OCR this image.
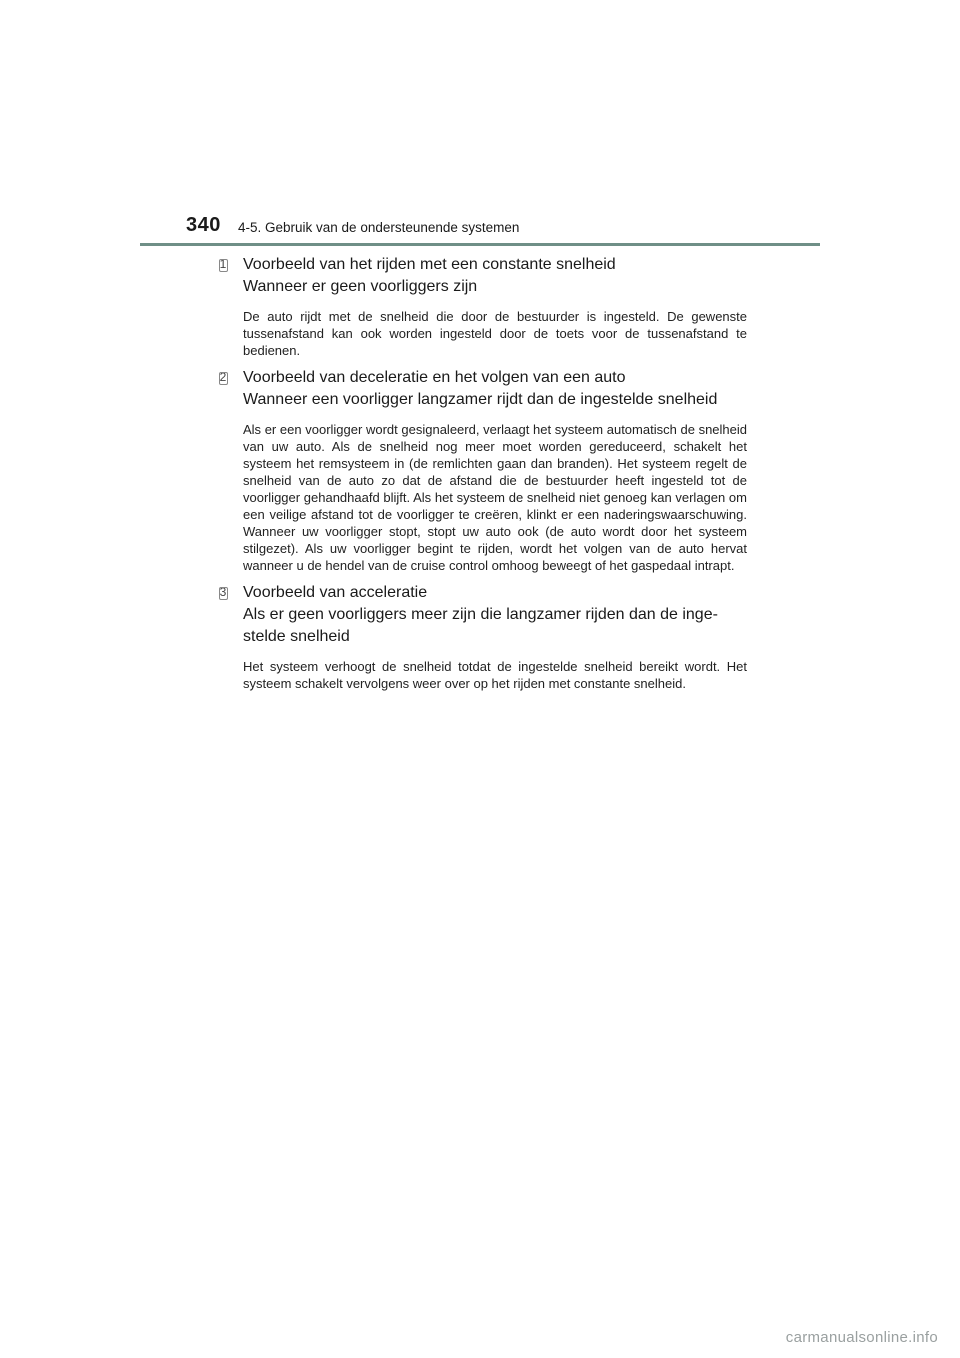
340 4-5. Gebruik van de ondersteunende systemen
1 Voorbeeld van het rijden met een constante snelheid
Wanneer er geen voorliggers zijn
De auto rijdt met de snelheid die door de bestuurder is ingesteld. De gewenste tussenafstand kan ook worden ingesteld door de toets voor de tussenafstand te bedienen.
2 Voorbeeld van deceleratie en het volgen van een auto
Wanneer een voorligger langzamer rijdt dan de ingestelde snelheid
Als er een voorligger wordt gesignaleerd, verlaagt het systeem automatisch de snelheid van uw auto. Als de snelheid nog meer moet worden gereduceerd, schakelt het systeem het remsysteem in (de remlichten gaan dan branden). Het systeem regelt de snelheid van de auto zo dat de afstand die de bestuurder heeft ingesteld tot de voorligger gehandhaafd blijft. Als het systeem de snelheid niet genoeg kan verlagen om een veilige afstand tot de voorligger te creëren, klinkt er een naderingswaarschuwing. Wanneer uw voorligger stopt, stopt uw auto ook (de auto wordt door het systeem stilgezet). Als uw voorligger begint te rijden, wordt het volgen van de auto hervat wanneer u de hendel van de cruise control omhoog beweegt of het gaspedaal intrapt.
3 Voorbeeld van acceleratie
Als er geen voorliggers meer zijn die langzamer rijden dan de inge-
stelde snelheid
Het systeem verhoogt de snelheid totdat de ingestelde snelheid bereikt wordt. Het systeem schakelt vervolgens weer over op het rijden met constante snelheid.
carmanualsonline.info
